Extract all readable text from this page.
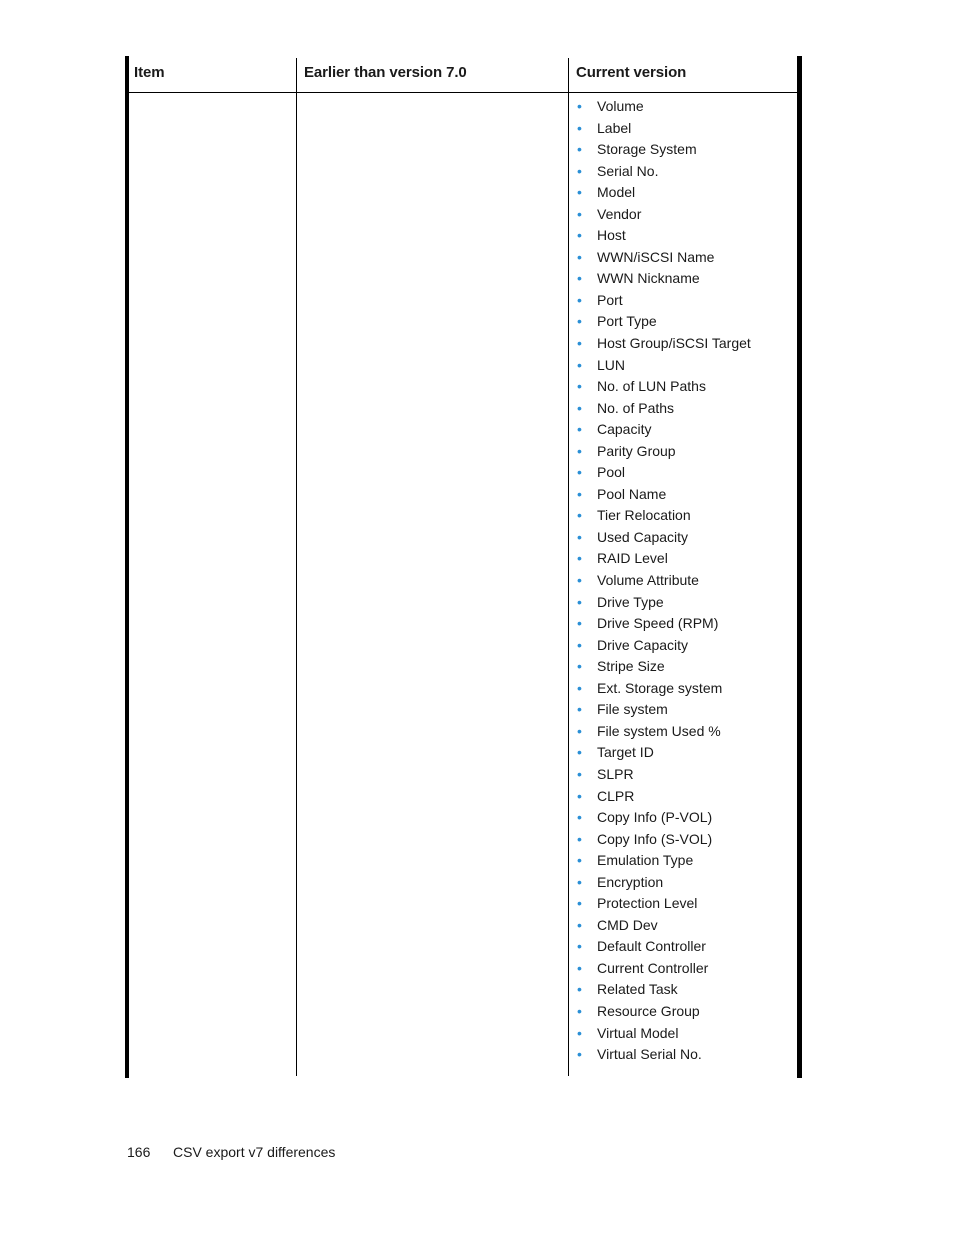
Item	Earlier than version 7.0	Current version
• Volume
• Label
• Storage System
• Serial No.
• Model
• Vendor
• Host
• WWN/iSCSI Name
• WWN Nickname
• Port
• Port Type
• Host Group/iSCSI Target
• LUN
• No. of LUN Paths
• No. of Paths
• Capacity
• Parity Group
• Pool
• Pool Name
• Tier Relocation
• Used Capacity
• RAID Level
• Volume Attribute
• Drive Type
• Drive Speed (RPM)
• Drive Capacity
• Stripe Size
• Ext. Storage system
• File system
• File system Used %
• Target ID
• SLPR
• CLPR
• Copy Info (P-VOL)
• Copy Info (S-VOL)
• Emulation Type
• Encryption
• Protection Level
• CMD Dev
• Default Controller
• Current Controller
• Related Task
• Resource Group
• Virtual Model
• Virtual Serial No.
166 CSV export v7 differences
